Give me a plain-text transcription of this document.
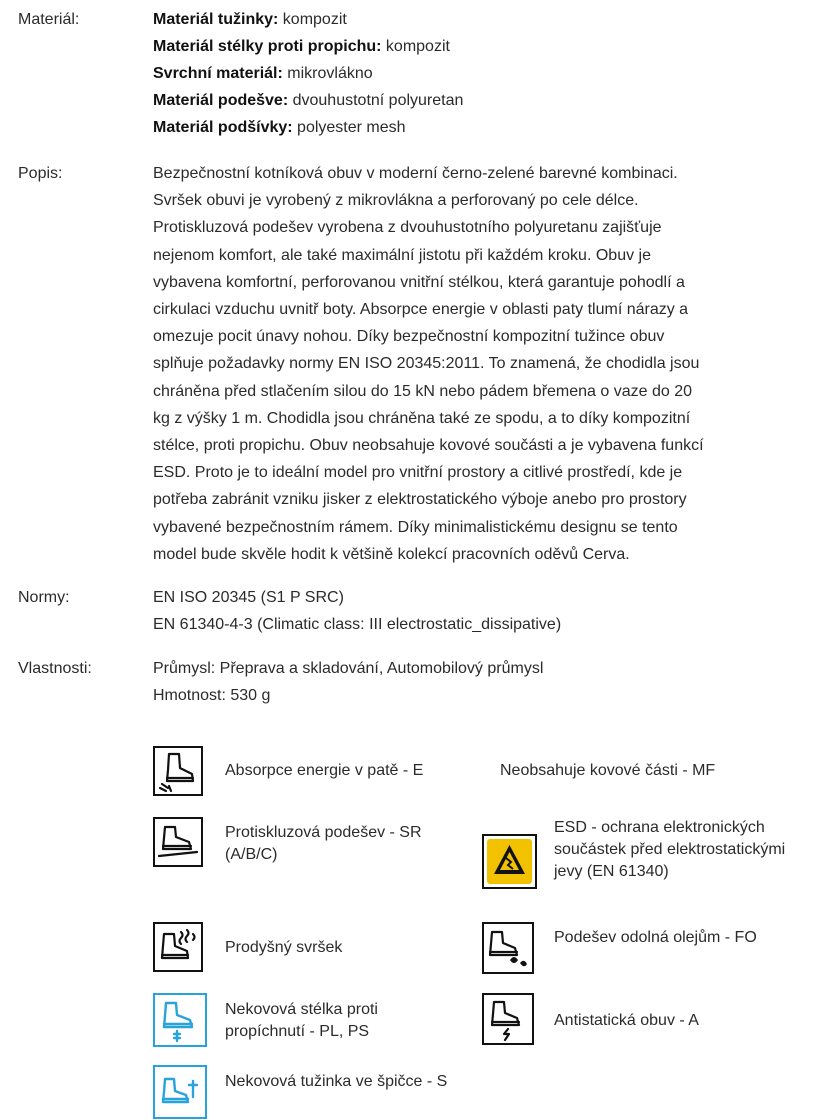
Materiál:	Materiál tužinky: kompozit
Materiál stélky proti propichu: kompozit
Svrchní materiál: mikrovlákno
Materiál podešve: dvouhustotní polyuretan
Materiál podšívky: polyester mesh
Popis:	Bezpečnostní kotníková obuv v moderní černo-zelené barevné kombinaci.
Svršek obuvi je vyrobený z mikrovlákna a perforovaný po cele délce.
Protiskluzová podešev vyrobena z dvouhustotního polyuretanu zajišťuje
nejenom komfort, ale také maximální jistotu při každém kroku. Obuv je
vybavena komfortní, perforovanou vnitřní stélkou, která garantuje pohodlí a
cirkulaci vzduchu uvnitř boty. Absorpce energie v oblasti paty tlumí nárazy a
omezuje pocit únavy nohou. Díky bezpečnostní kompozitní tužince obuv
splňuje požadavky normy EN ISO 20345:2011. To znamená, že chodidla jsou
chráněna před stlačením silou do 15 kN nebo pádem břemena o vaze do 20
kg z výšky 1 m. Chodidla jsou chráněna také ze spodu, a to díky kompozitní
stélce, proti propichu. Obuv neobsahuje kovové součásti a je vybavena funkcí
ESD. Proto je to ideální model pro vnitřní prostory a citlivé prostředí, kde je
potřeba zabránit vzniku jisker z elektrostatického výboje anebo pro prostory
vybavené bezpečnostním rámem. Díky minimalistickému designu se tento
model bude skvěle hodit k většině kolekcí pracovních oděvů Cerva.
Normy:	EN ISO 20345 (S1 P SRC)
EN 61340-4-3 (Climatic class: III electrostatic_dissipative)
Vlastnosti:	Průmysl: Přeprava a skladování, Automobilový průmysl
Hmotnost: 530 g
Absorpce energie v patě - E	Neobsahuje kovové části - MF
Protiskluzová podešev - SR (A/B/C)
ESD - ochrana elektronických součástek před elektrostatickými jevy (EN 61340)
Prodyšný svršek
Podešev odolná olejům - FO
Nekovová stélka proti propíchnutí - PL, PS
Antistatická obuv - A
Nekovová tužinka ve špičce - S
